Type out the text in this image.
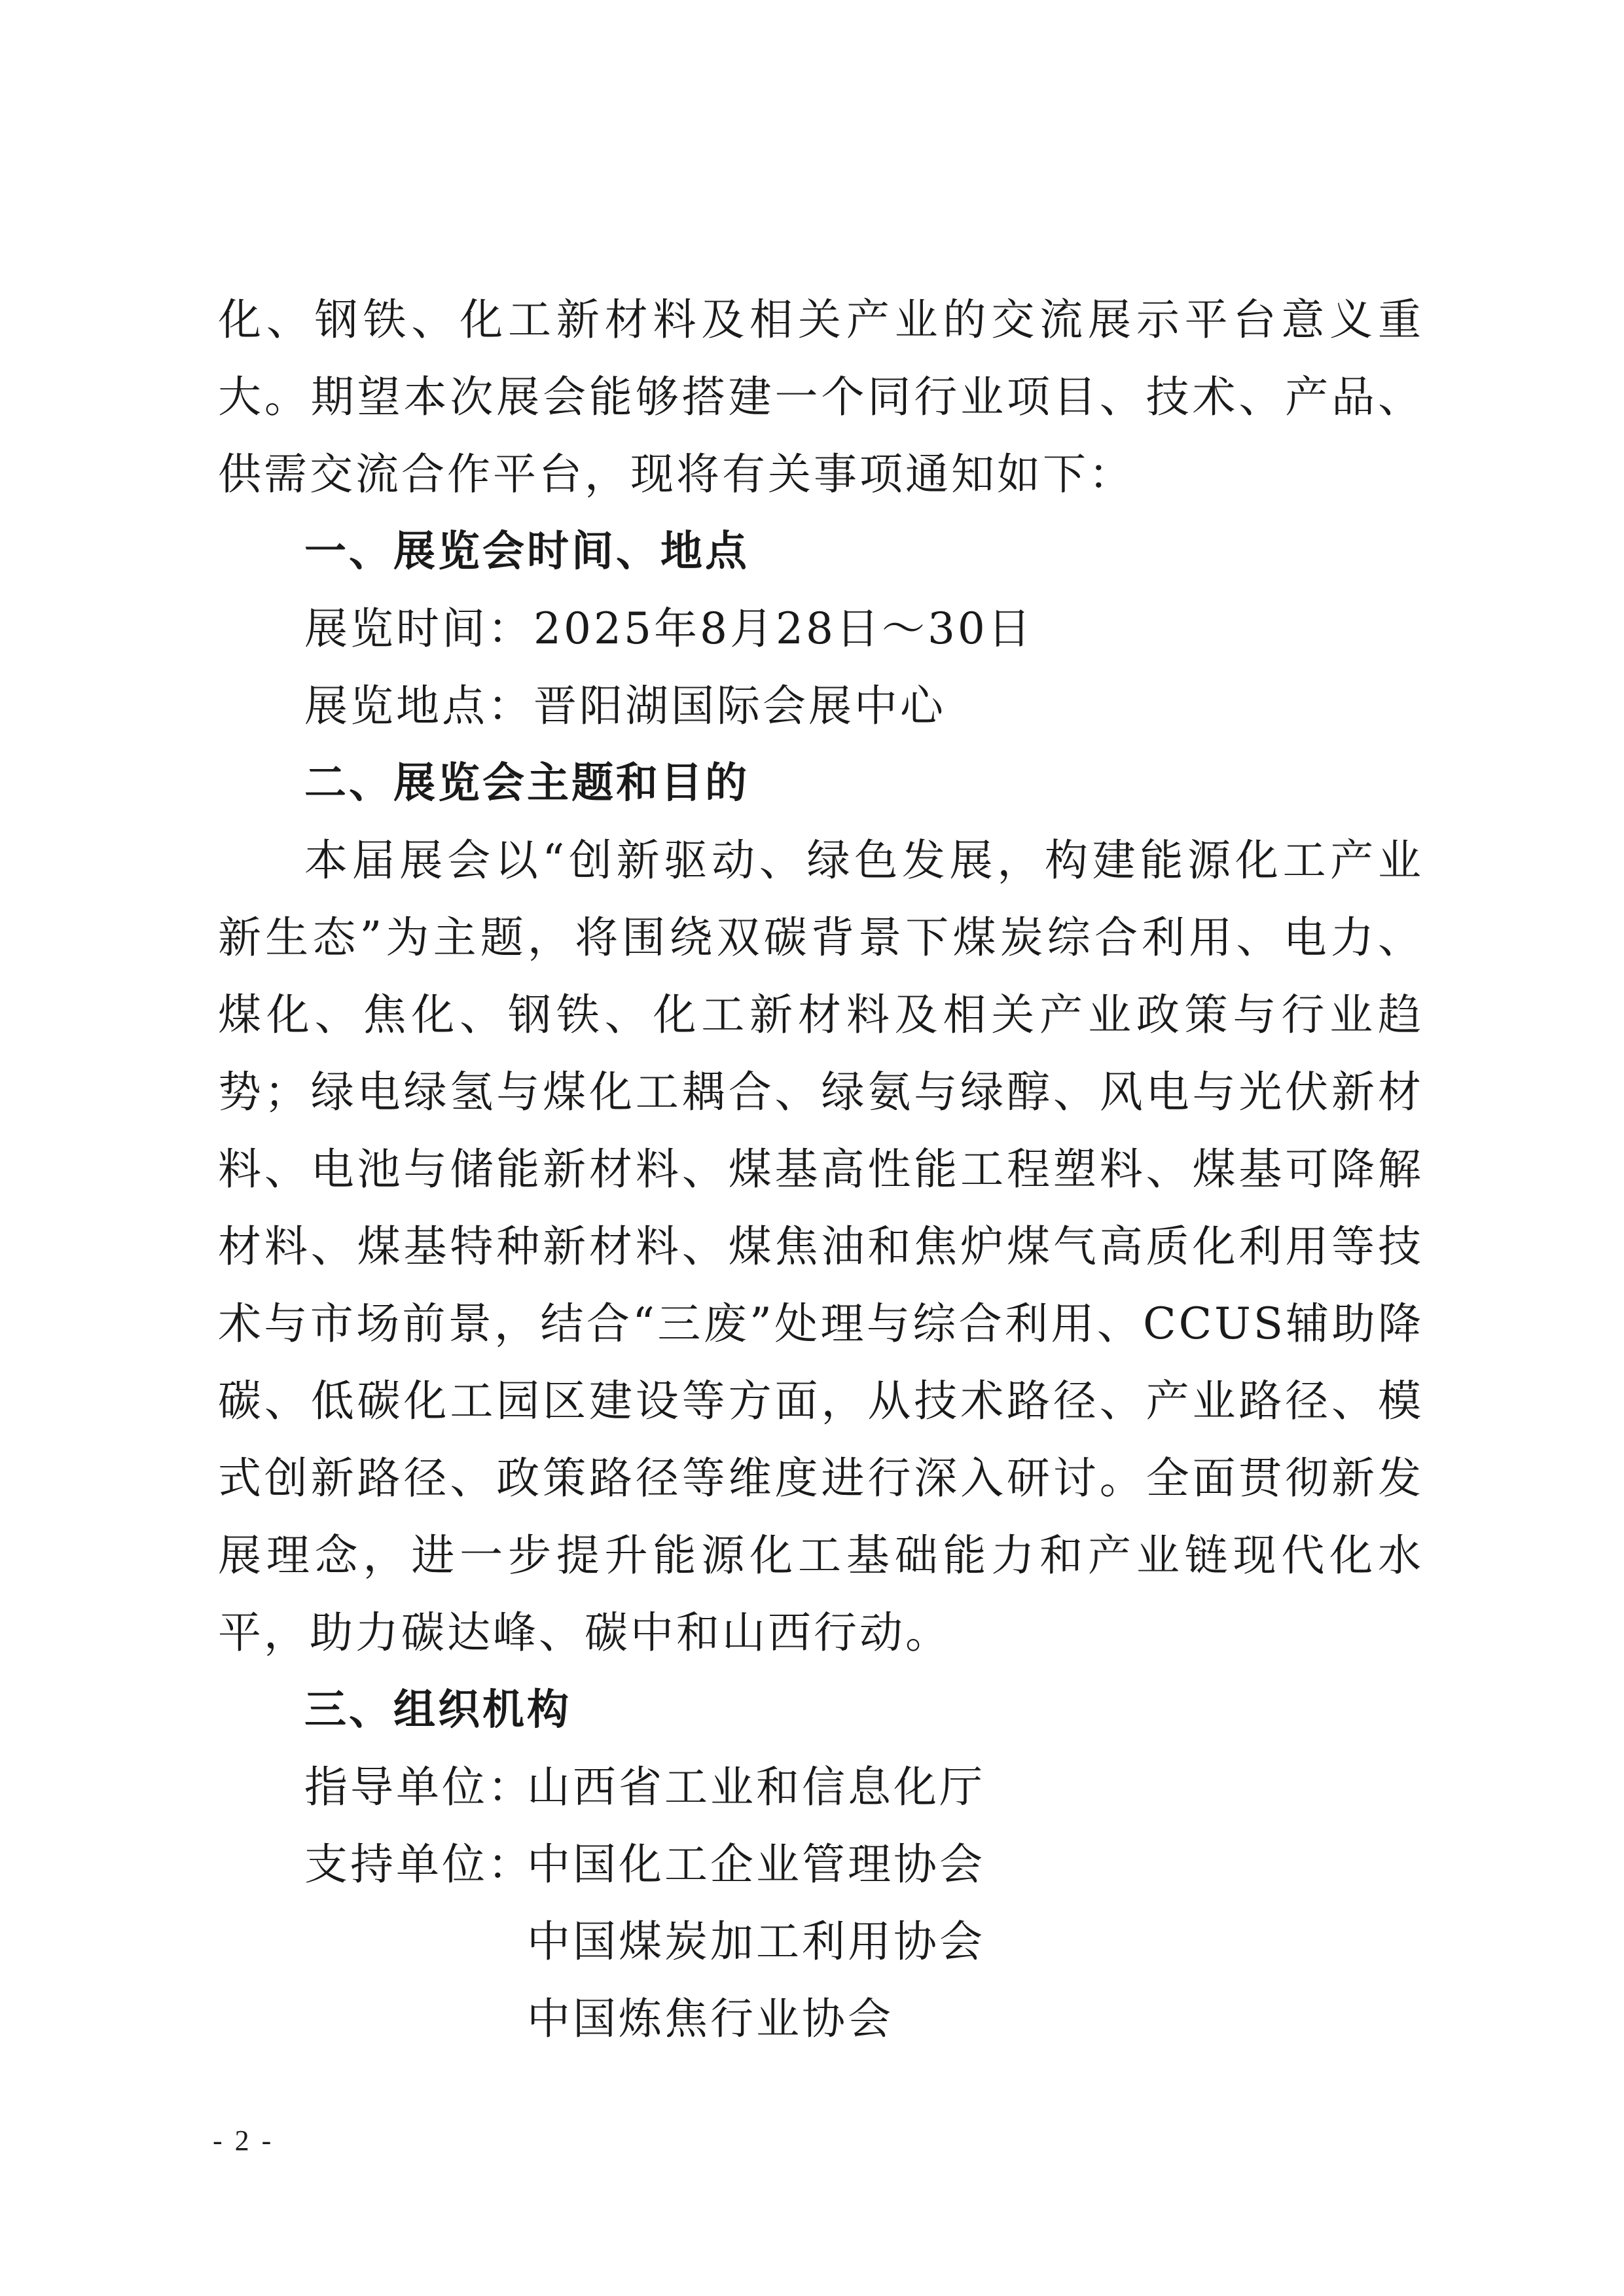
化、钢铁、化工新材料及相关产业的交流展示平台意义重大。期望本次展会能够搭建一个同行业项目、技术、产品、供需交流合作平台，现将有关事项通知如下：

一、展览会时间、地点

展览时间：2025年8月28日～30日

展览地点：晋阳湖国际会展中心

二、展览会主题和目的

本届展会以“创新驱动、绿色发展，构建能源化工产业新生态”为主题，将围绕双碳背景下煤炭综合利用、电力、煤化、焦化、钢铁、化工新材料及相关产业政策与行业趋势；绿电绿氢与煤化工耦合、绿氨与绿醇、风电与光伏新材料、电池与储能新材料、煤基高性能工程塑料、煤基可降解材料、煤基特种新材料、煤焦油和焦炉煤气高质化利用等技术与市场前景，结合“三废”处理与综合利用、CCUS辅助降碳、低碳化工园区建设等方面，从技术路径、产业路径、模式创新路径、政策路径等维度进行深入研讨。全面贯彻新发展理念，进一步提升能源化工基础能力和产业链现代化水平，助力碳达峰、碳中和山西行动。

三、组织机构

指导单位：
山西省工业和信息化厅
支持单位：
中国化工企业管理协会
中国煤炭加工利用协会
中国炼焦行业协会
- 2 -
